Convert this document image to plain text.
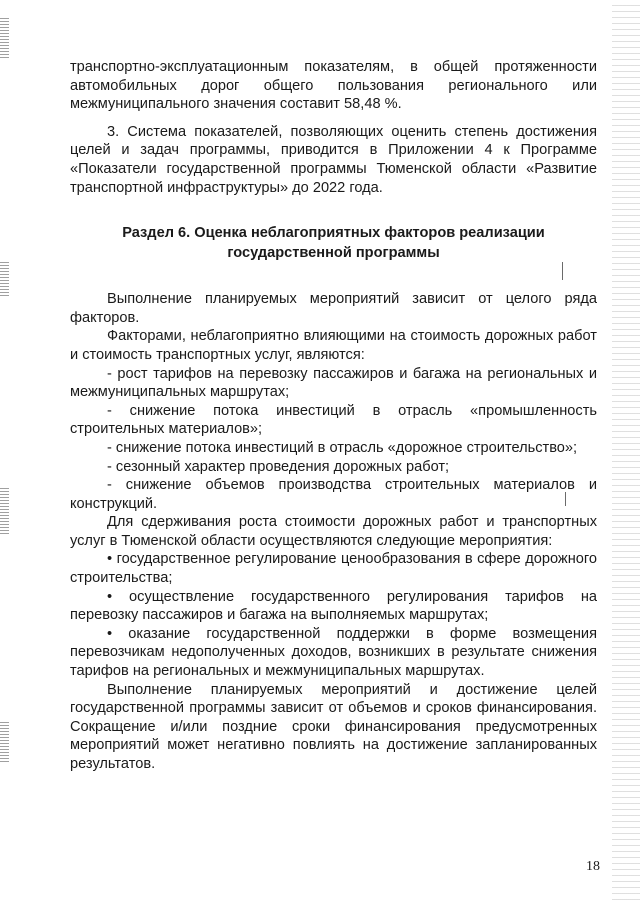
транспортно-эксплуатационным показателям, в общей протяженности автомобильных дорог общего пользования регионального или межмуниципального значения составит 58,48 %.

3. Система показателей, позволяющих оценить степень достижения целей и задач программы, приводится в Приложении 4 к Программе «Показатели государственной программы Тюменской области «Развитие транспортной инфраструктуры» до 2022 года.

Раздел 6. Оценка неблагоприятных факторов реализации государственной программы

Выполнение планируемых мероприятий зависит от целого ряда факторов.

Факторами, неблагоприятно влияющими на стоимость дорожных работ и стоимость транспортных услуг, являются:

- рост тарифов на перевозку пассажиров и багажа на региональных и межмуниципальных маршрутах;

- снижение потока инвестиций в отрасль «промышленность строительных материалов»;

- снижение потока инвестиций в отрасль «дорожное строительство»;

- сезонный характер проведения дорожных работ;

- снижение объемов производства строительных материалов и конструкций.

Для сдерживания роста стоимости дорожных работ и транспортных услуг в Тюменской области осуществляются следующие мероприятия:

• государственное регулирование ценообразования в сфере дорожного строительства;

• осуществление государственного регулирования тарифов на перевозку пассажиров и багажа на выполняемых маршрутах;

• оказание государственной поддержки в форме возмещения перевозчикам недополученных доходов, возникших в результате снижения тарифов на региональных и межмуниципальных маршрутах.

Выполнение планируемых мероприятий и достижение целей государственной программы зависит от объемов и сроков финансирования. Сокращение и/или поздние сроки финансирования предусмотренных мероприятий может негативно повлиять на достижение запланированных результатов.

18
